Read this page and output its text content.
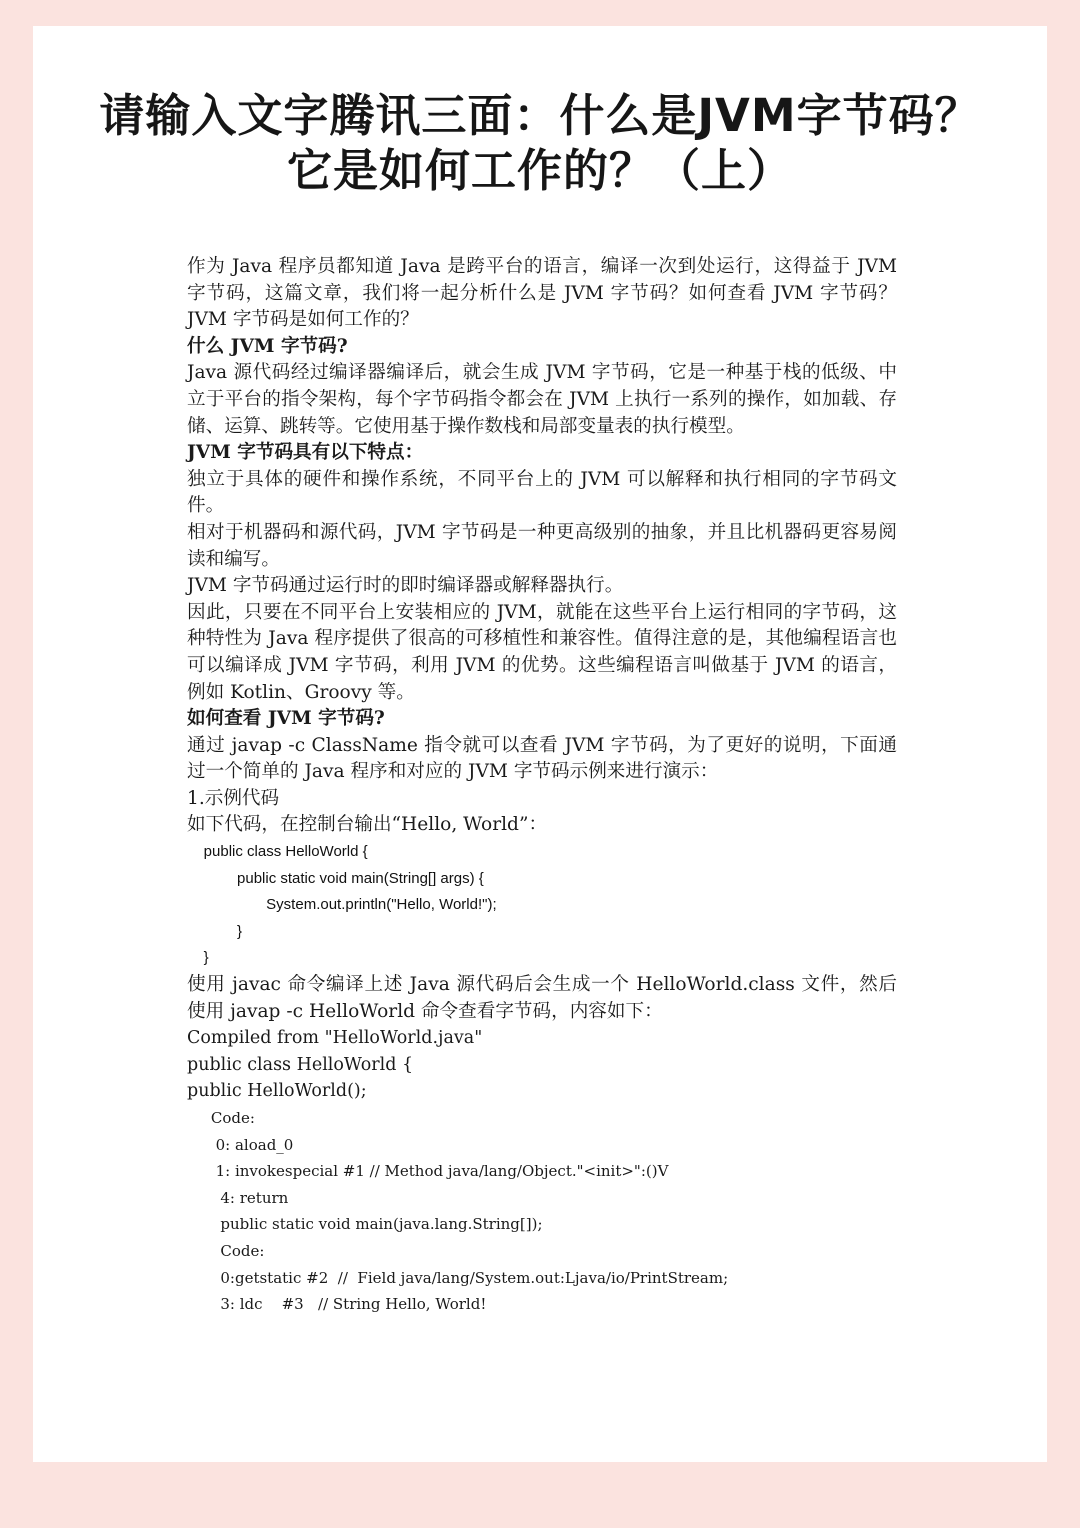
请输入文字腾讯三面：什么是JVM字节码？
它是如何工作的？（上）

作为 Java 程序员都知道 Java 是跨平台的语言，编译一次到处运行，这得益于 JVM 字节码，这篇文章，我们将一起分析什么是 JVM 字节码？如何查看 JVM 字节码？JVM 字节码是如何工作的？

什么 JVM 字节码?

Java 源代码经过编译器编译后，就会生成 JVM 字节码，它是一种基于栈的低级、中立于平台的指令架构，每个字节码指令都会在 JVM 上执行一系列的操作，如加载、存储、运算、跳转等。它使用基于操作数栈和局部变量表的执行模型。

JVM 字节码具有以下特点：

独立于具体的硬件和操作系统，不同平台上的 JVM 可以解释和执行相同的字节码文件。

相对于机器码和源代码，JVM 字节码是一种更高级别的抽象，并且比机器码更容易阅读和编写。

JVM 字节码通过运行时的即时编译器或解释器执行。

因此，只要在不同平台上安装相应的 JVM，就能在这些平台上运行相同的字节码，这种特性为 Java 程序提供了很高的可移植性和兼容性。值得注意的是，其他编程语言也可以编译成 JVM 字节码，利用 JVM 的优势。这些编程语言叫做基于 JVM 的语言，例如 Kotlin、Groovy 等。

如何查看 JVM 字节码?

通过 javap -c ClassName 指令就可以查看 JVM 字节码，为了更好的说明，下面通过一个简单的 Java 程序和对应的 JVM 字节码示例来进行演示：

1.示例代码

如下代码，在控制台输出“Hello, World”：

public class HelloWorld {
public static void main(String[] args) {
System.out.println("Hello, World!");
}
}

使用 javac 命令编译上述 Java 源代码后会生成一个 HelloWorld.class 文件，然后使用 javap -c HelloWorld 命令查看字节码，内容如下：

Compiled from "HelloWorld.java"
public class HelloWorld {
public HelloWorld();
Code:
0: aload_0
1: invokespecial #1 // Method java/lang/Object."<init>":()V
4: return
public static void main(java.lang.String[]);
Code:
0:getstatic #2  //  Field java/lang/System.out:Ljava/io/PrintStream;
3: ldc    #3   // String Hello, World!
